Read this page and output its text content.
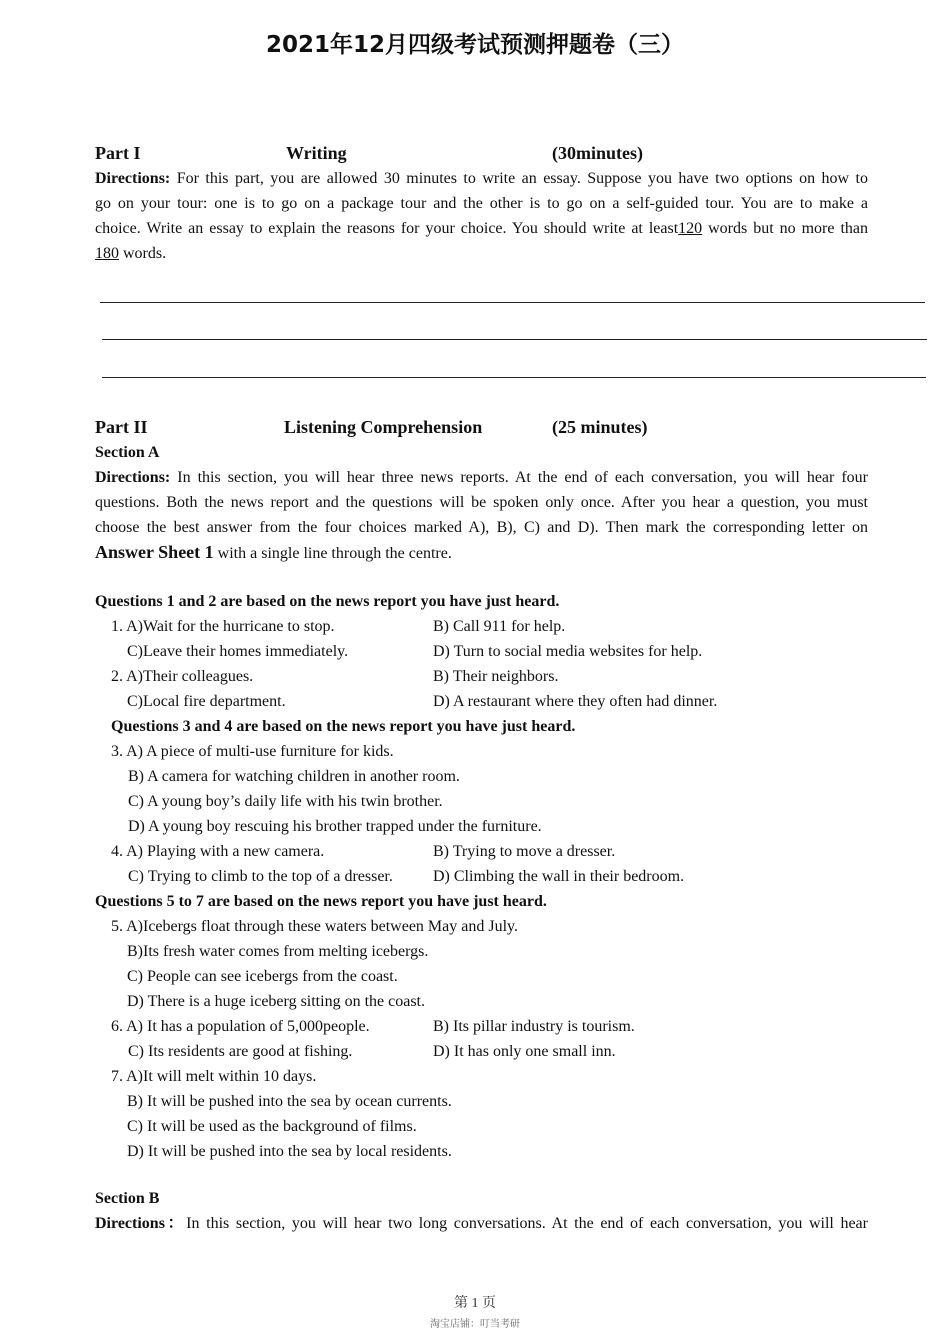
2021年12月四级考试预测押题卷（三）
Part I	Writing	(30minutes)
Directions: For this part, you are allowed 30 minutes to write an essay. Suppose you have two options on how to
go on your tour: one is to go on a package tour and the other is to go on a self-guided tour. You are to make a
choice. Write an essay to explain the reasons for your choice. You should write at least120 words but no more than
180 words.
Part II	Listening Comprehension	(25 minutes)
Section A
Directions: In this section, you will hear three news reports. At the end of each conversation, you will hear four
questions. Both the news report and the questions will be spoken only once. After you hear a question, you must
choose the best answer from the four choices marked A), B), C) and D). Then mark the corresponding letter on
Answer Sheet 1 with a single line through the centre.
Questions 1 and 2 are based on the news report you have just heard.
1. A)Wait for the hurricane to stop.	B) Call 911 for help.
C)Leave their homes immediately.	D) Turn to social media websites for help.
2. A)Their colleagues.	B) Their neighbors.
C)Local fire department.	D) A restaurant where they often had dinner.
Questions 3 and 4 are based on the news report you have just heard.
3. A) A piece of multi-use furniture for kids.
B) A camera for watching children in another room.
C) A young boy’s daily life with his twin brother.
D) A young boy rescuing his brother trapped under the furniture.
4. A) Playing with a new camera.	B) Trying to move a dresser.
C) Trying to climb to the top of a dresser.	D) Climbing the wall in their bedroom.
Questions 5 to 7 are based on the news report you have just heard.
5. A)Icebergs float through these waters between May and July.
B)Its fresh water comes from melting icebergs.
C) People can see icebergs from the coast.
D) There is a huge iceberg sitting on the coast.
6. A) It has a population of 5,000people.	B) Its pillar industry is tourism.
C) Its residents are good at fishing.	D) It has only one small inn.
7. A)It will melt within 10 days.
B) It will be pushed into the sea by ocean currents.
C) It will be used as the background of films.
D) It will be pushed into the sea by local residents.
Section B
Directions：In this section, you will hear two long conversations. At the end of each conversation, you will hear
第 1 页
淘宝店铺：叮当考研
